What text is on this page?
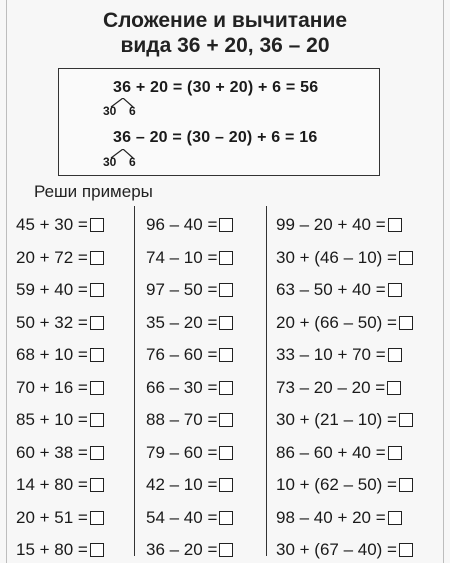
Сложение и вычитание
вида 36 + 20, 36 – 20
36 + 20 = (30 + 20) + 6 = 56
30 6
36 – 20 = (30 – 20) + 6 = 16
30 6
Реши примеры
45 + 30 =
20 + 72 =
59 + 40 =
50 + 32 =
68 + 10 =
70 + 16 =
85 + 10 =
60 + 38 =
14 + 80 =
20 + 51 =
15 + 80 =
96 – 40 =
74 – 10 =
97 – 50 =
35 – 20 =
76 – 60 =
66 – 30 =
88 – 70 =
79 – 60 =
42 – 10 =
54 – 40 =
36 – 20 =
99 – 20 + 40 =
30 + (46 – 10) =
63 – 50 + 40 =
20 + (66 – 50) =
33 – 10 + 70 =
73 – 20 – 20 =
30 + (21 – 10) =
86 – 60 + 40 =
10 + (62 – 50) =
98 – 40 + 20 =
30 + (67 – 40) =
